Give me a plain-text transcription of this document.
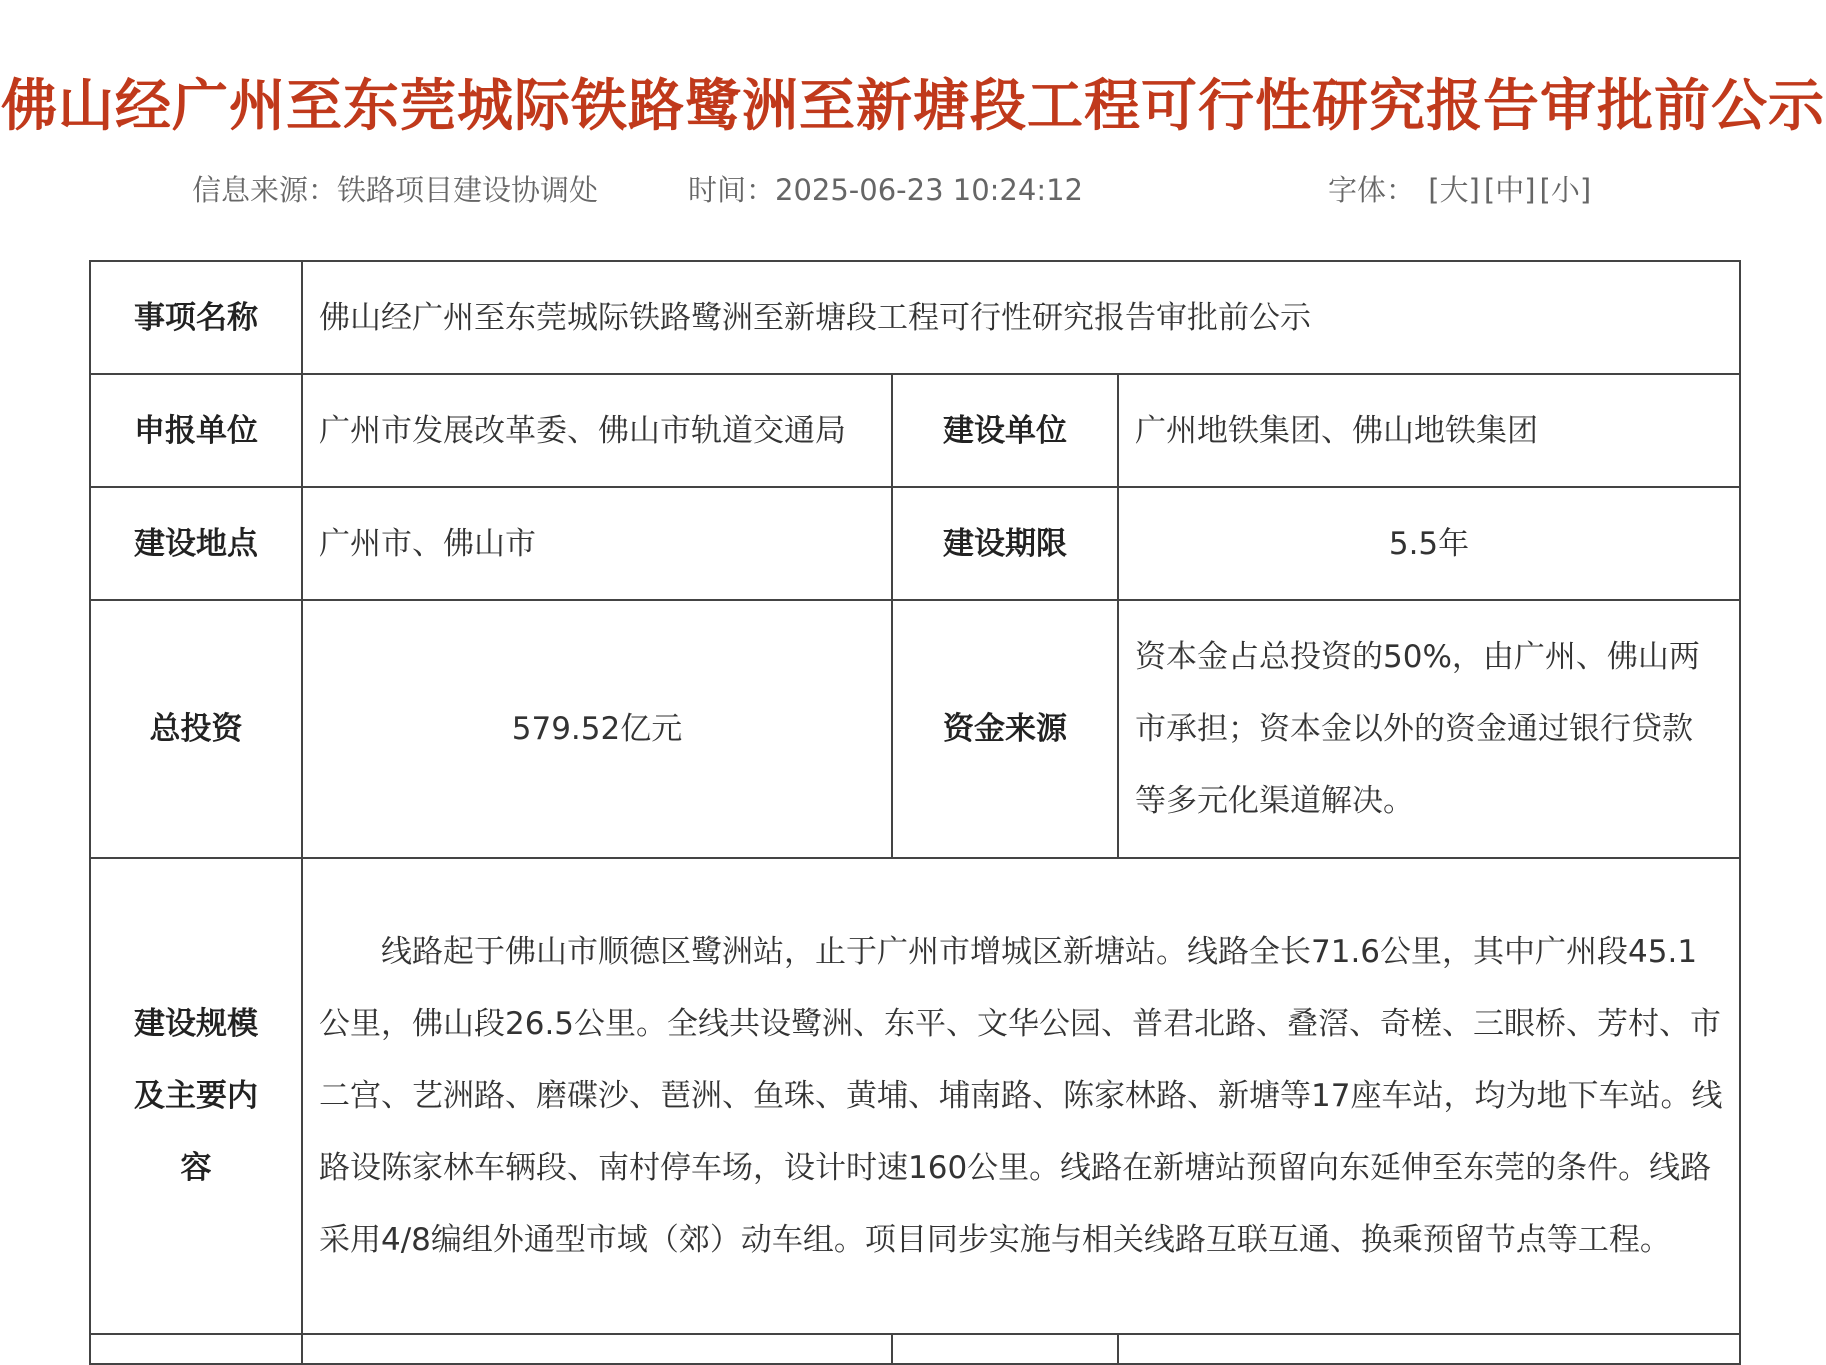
佛山经广州至东莞城际铁路鹭洲至新塘段工程可行性研究报告审批前公示
信息来源：铁路项目建设协调处	时间：2025-06-23 10:24:12	字体： [大] [中] [小]
事项名称	佛山经广州至东莞城际铁路鹭洲至新塘段工程可行性研究报告审批前公示		
申报单位	广州市发展改革委、佛山市轨道交通局	建设单位	广州地铁集团、佛山地铁集团
建设地点	广州市、佛山市	建设期限	5.5年
总投资	579.52亿元	资金来源	资本金占总投资的50%，由广州、佛山两市承担；资本金以外的资金通过银行贷款等多元化渠道解决。
建设规模及主要内容	线路起于佛山市顺德区鹭洲站，止于广州市增城区新塘站。线路全长71.6公里，其中广州段45.1公里，佛山段26.5公里。全线共设鹭洲、东平、文华公园、普君北路、叠滘、奇槎、三眼桥、芳村、市二宫、艺洲路、磨碟沙、琶洲、鱼珠、黄埔、埔南路、陈家林路、新塘等17座车站，均为地下车站。线路设陈家林车辆段、南村停车场，设计时速160公里。线路在新塘站预留向东延伸至东莞的条件。线路采用4/8编组外通型市域（郊）动车组。项目同步实施与相关线路互联互通、换乘预留节点等工程。		
